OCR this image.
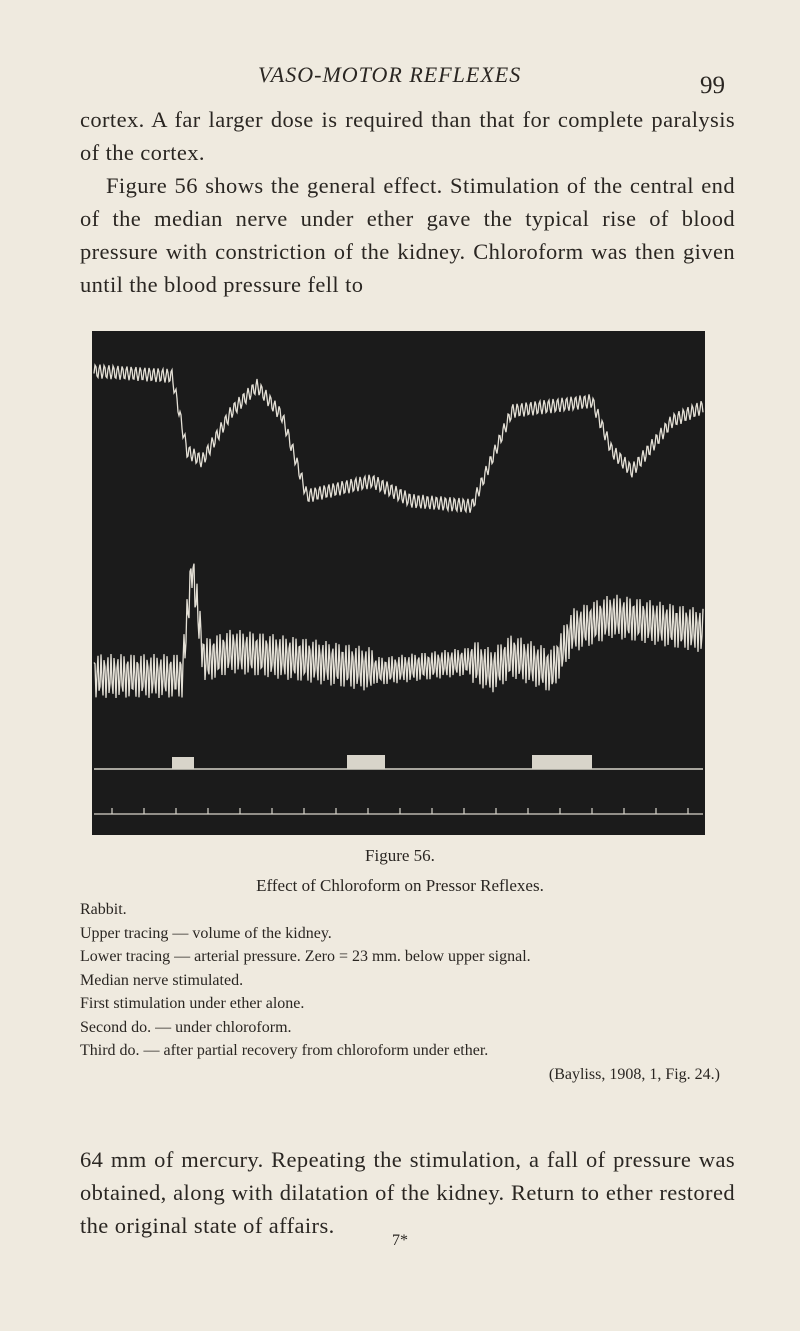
VASO-MOTOR REFLEXES	99

cortex. A far larger dose is required than that for complete paralysis of the cortex.

Figure 56 shows the general effect. Stimulation of the central end of the median nerve under ether gave the typical rise of blood pressure with constriction of the kidney. Chloroform was then given until the blood pressure fell to

Figure 56.
Effect of Chloroform on Pressor Reflexes.
Rabbit.
Upper tracing — volume of the kidney.
Lower tracing — arterial pressure. Zero = 23 mm. below upper signal.
Median nerve stimulated.
First stimulation under ether alone.
Second do. — under chloroform.
Third do. — after partial recovery from chloroform under ether.
(Bayliss, 1908, 1, Fig. 24.)

64 mm of mercury. Repeating the stimulation, a fall of pressure was obtained, along with dilatation of the kidney. Return to ether restored the original state of affairs.

7*
